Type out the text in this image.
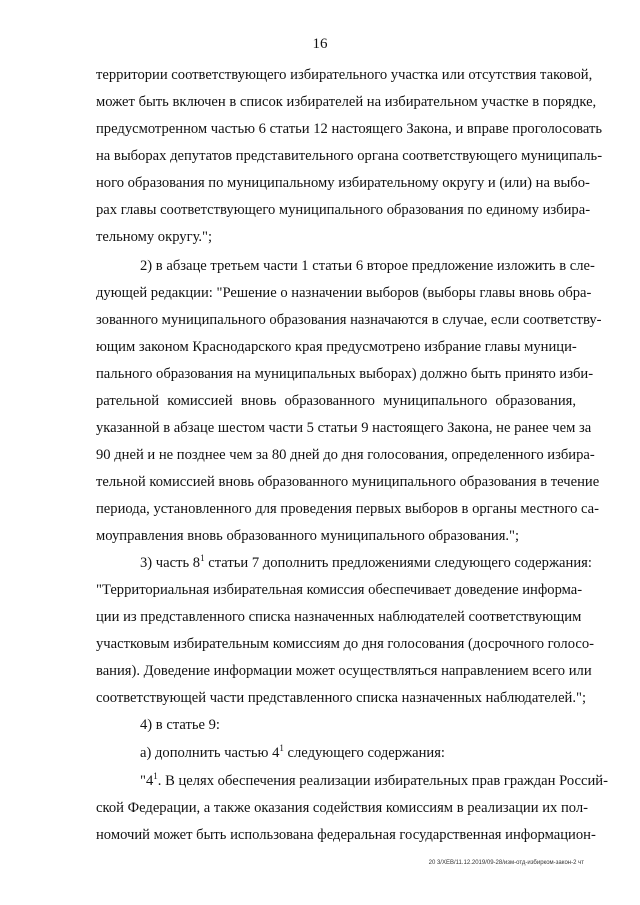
16
территории соответствующего избирательного участка или отсутствия таковой,
может быть включен в список избирателей на избирательном участке в порядке,
предусмотренном частью 6 статьи 12 настоящего Закона, и вправе проголосовать
на выборах депутатов представительного органа соответствующего муниципаль-
ного образования по муниципальному избирательному округу и (или) на выбо-
рах главы соответствующего муниципального образования по единому избира-
тельному округу.";
2) в абзаце третьем части 1 статьи 6 второе предложение изложить в сле-
дующей редакции: "Решение о назначении выборов (выборы главы вновь обра-
зованного муниципального образования назначаются в случае, если соответству-
ющим законом Краснодарского края предусмотрено избрание главы муници-
пального образования на муниципальных выборах) должно быть принято изби-
рательной комиссией вновь образованного муниципального образования,
указанной в абзаце шестом части 5 статьи 9 настоящего Закона, не ранее чем за
90 дней и не позднее чем за 80 дней до дня голосования, определенного избира-
тельной комиссией вновь образованного муниципального образования в течение
периода, установленного для проведения первых выборов в органы местного са-
моуправления вновь образованного муниципального образования.";
3) часть $8^1$ статьи 7 дополнить предложениями следующего содержания:
"Территориальная избирательная комиссия обеспечивает доведение информа-
ции из представленного списка назначенных наблюдателей соответствующим
участковым избирательным комиссиям до дня голосования (досрочного голосо-
вания). Доведение информации может осуществляться направлением всего или
соответствующей части представленного списка назначенных наблюдателей.";
4) в статье 9:
а) дополнить частью $4^1$ следующего содержания:
"$4^1$. В целях обеспечения реализации избирательных прав граждан Россий-
ской Федерации, а также оказания содействия комиссиям в реализации их пол-
номочий может быть использована федеральная государственная информацион-
20 3/ХЕВ/11.12.2019/09-28/изм-отд-избирком-закон-2 чт
